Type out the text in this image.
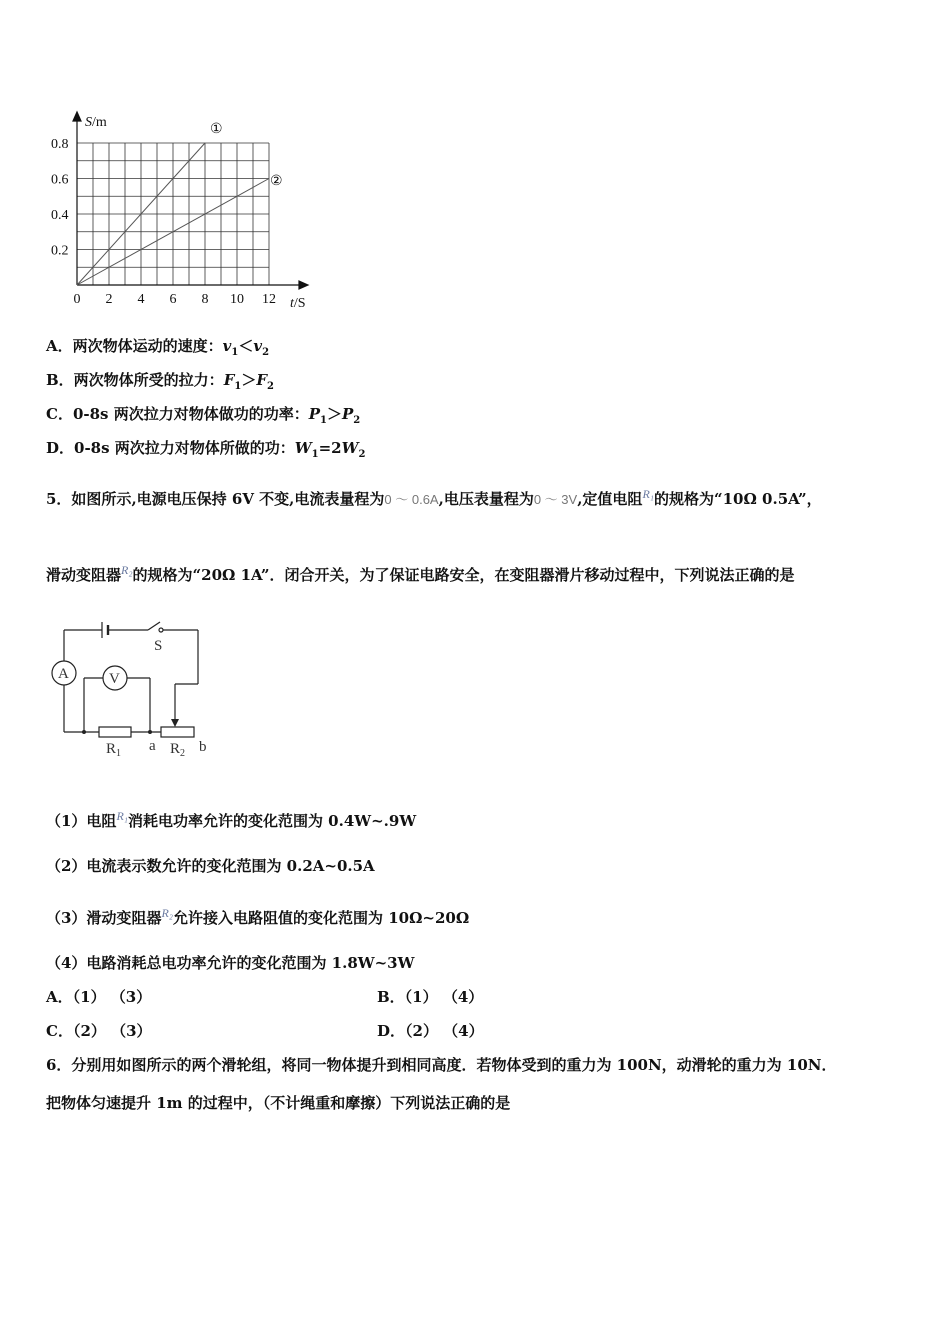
0.8
0.6
0.4
0.2
0 2 4 6 8 10 12
S/m
t/S
①
②
A．两次物体运动的速度：$v_1<v_2$
B．两次物体所受的拉力：$F_1>F_2$
C．0-8s 两次拉力对物体做功的功率：$P_1>P_2$
D．0-8s 两次拉力对物体所做的功：$W_1=2W_2$
5．如图所示,电源电压保持 6V 不变,电流表量程为0 ～ 0.6A,电压表量程为0 ～ 3V,定值电阻$^{R_1}$的规格为“10Ω 0.5A”，
滑动变阻器$^{R_2}$的规格为“20Ω 1A”．闭合开关，为了保证电路安全，在变阻器滑片移动过程中，下列说法正确的是
A	V
S
$R_1$ a $R_2$ b
（1）电阻$^{R_1}$消耗电功率允许的变化范围为 0.4W~.9W
（2）电流表示数允许的变化范围为 0.2A~0.5A
（3）滑动变阻器$^{R_2}$允许接入电路阻值的变化范围为 10Ω~20Ω
（4）电路消耗总电功率允许的变化范围为 1.8W~3W
A．（1） （3）	B．（1） （4）
C．（2） （3）	D．（2） （4）
6．分别用如图所示的两个滑轮组，将同一物体提升到相同高度．若物体受到的重力为 100N，动滑轮的重力为 10N．
把物体匀速提升 1m 的过程中，（不计绳重和摩擦）下列说法正确的是
